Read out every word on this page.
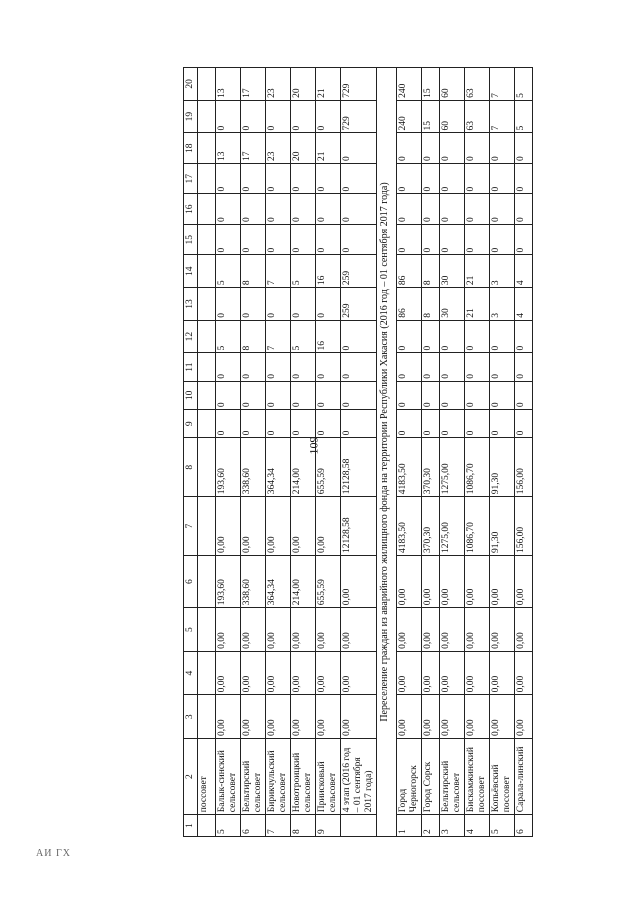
109
АИ ГХ
1	2	3	4	5	6	7	8	9	10	11	12	13	14	15	16	17	18	19	20
	поссовет																		
5	Балык-синский сельсовет	0,00	0,00	0,00	193,60	0,00	193,60	0	0	0	5	0	5	0	0	0	13	0	13
6	Бельтирский сельсовет	0,00	0,00	0,00	338,60	0,00	338,60	0	0	0	8	0	8	0	0	0	17	0	17
7	Бирикчульский сельсовет	0,00	0,00	0,00	364,34	0,00	364,34	0	0	0	7	0	7	0	0	0	23	0	23
8	Новотроицкий сельсовет	0,00	0,00	0,00	214,00	0,00	214,00	0	0	0	5	0	5	0	0	0	20	0	20
9	Приисковый сельсовет	0,00	0,00	0,00	655,59	0,00	655,59	0	0	0	16	0	16	0	0	0	21	0	21
	4 этап (2016 год – 01 сентября 2017 года)	0,00	0,00	0,00	0,00	12128,58	12128,58	0	0	0	0	259	259	0	0	0	0	729	729
Переселение граждан из аварийного жилищного фонда на территории Республики Хакасия (2016 год – 01 сентября 2017 года)																			
1	Город Черногорск	0,00	0,00	0,00	0,00	4183,50	4183,50	0	0	0	0	86	86	0	0	0	0	240	240
2	Город Сорск	0,00	0,00	0,00	0,00	370,30	370,30	0	0	0	0	8	8	0	0	0	0	15	15
3	Бельтирский сельсовет	0,00	0,00	0,00	0,00	1275,00	1275,00	0	0	0	0	30	30	0	0	0	0	60	60
4	Бискамжинский поссовет	0,00	0,00	0,00	0,00	1086,70	1086,70	0	0	0	0	21	21	0	0	0	0	63	63
5	Копьёвский поссовет	0,00	0,00	0,00	0,00	91,30	91,30	0	0	0	0	3	3	0	0	0	0	7	7
6	Сарала-линский	0,00	0,00	0,00	0,00	156,00	156,00	0	0	0	0	4	4	0	0	0	0	5	5
